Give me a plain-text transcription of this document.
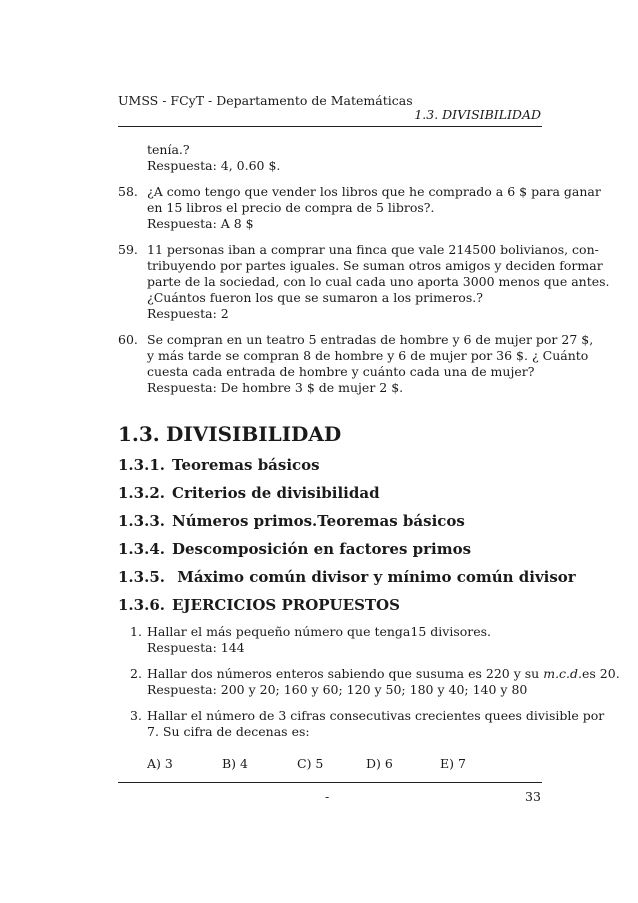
UMSS - FCyT - Departamento de Matemáticas
1.3. DIVISIBILIDAD
tenía.?
Respuesta: 4, 0.60 $.
58. ¿A como tengo que vender los libros que he comprado a 6 $ para ganar
en 15 libros el precio de compra de 5 libros?.
Respuesta: A 8 $
59. 11 personas iban a comprar una finca que vale 214500 bolivianos, con-
tribuyendo por partes iguales. Se suman otros amigos y deciden formar
parte de la sociedad, con lo cual cada uno aporta 3000 menos que antes.
¿Cuántos fueron los que se sumaron a los primeros.?
Respuesta: 2
60. Se compran en un teatro 5 entradas de hombre y 6 de mujer por 27 $,
y más tarde se compran 8 de hombre y 6 de mujer por 36 $. ¿ Cuánto
cuesta cada entrada de hombre y cuánto cada una de mujer?
Respuesta: De hombre 3 $ de mujer 2 $.
1.3. DIVISIBILIDAD
1.3.1. Teoremas básicos
1.3.2. Criterios de divisibilidad
1.3.3. Números primos.Teoremas básicos
1.3.4. Descomposición en factores primos
1.3.5. Máximo común divisor y mínimo común divisor
1.3.6. EJERCICIOS PROPUESTOS
1. Hallar el más pequeño número que tenga15 divisores.
Respuesta: 144
2. Hallar dos números enteros sabiendo que susuma es 220 y su m.c.d.es 20.
Respuesta: 200 y 20; 160 y 60; 120 y 50; 180 y 40; 140 y 80
3. Hallar el número de 3 cifras consecutivas crecientes quees divisible por
7. Su cifra de decenas es:
A) 3	B) 4	C) 5	D) 6	E) 7
-	33
